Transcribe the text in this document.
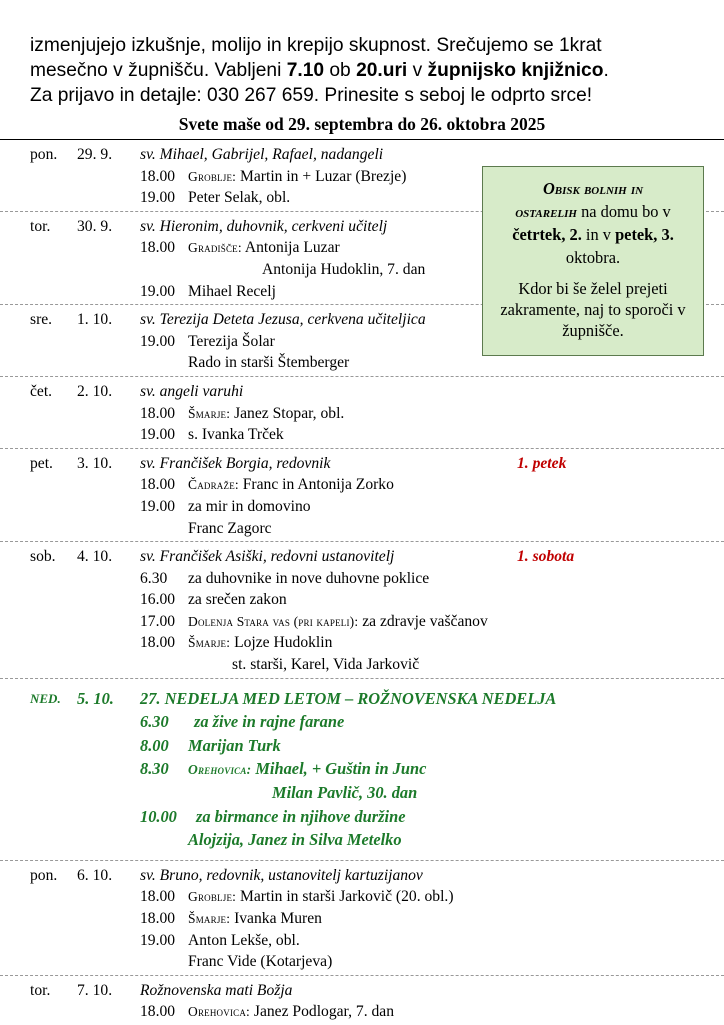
izmenjujejo izkušnje, molijo in krepijo skupnost. Srečujemo se 1krat
mesečno v župnišču. Vabljeni 7.10 ob 20.uri v župnijsko knjižnico.
Za prijavo in detajle: 030 267 659. Prinesite s seboj le odprto srce!
Svete maše od 29. septembra do 26. oktobra 2025
pon. 29. 9. sv. Mihael, Gabrijel, Rafael, nadangeli
18.00 Groblje: Martin in + Luzar (Brezje)
19.00 Peter Selak, obl.
tor. 30. 9. sv. Hieronim, duhovnik, cerkveni učitelj
18.00 Gradišče: Antonija Luzar
Antonija Hudoklin, 7. dan
19.00 Mihael Recelj
sre. 1. 10. sv. Terezija Deteta Jezusa, cerkvena učiteljica
19.00 Terezija Šolar
Rado in starši Štemberger
čet. 2. 10. sv. angeli varuhi
18.00 Šmarje: Janez Stopar, obl.
19.00 s. Ivanka Trček
pet. 3. 10. sv. Frančišek Borgia, redovnik	1. petek
18.00 Čadraže: Franc in Antonija Zorko
19.00 za mir in domovino
Franc Zagorc
sob. 4. 10. sv. Frančišek Asiški, redovni ustanovitelj	1. sobota
6.30 za duhovnike in nove duhovne poklice
16.00 za srečen zakon
17.00 Dolenja Stara vas (pri kapeli): za zdravje vaščanov
18.00 Šmarje: Lojze Hudoklin
st. starši, Karel, Vida Jarkovič
NED. 5. 10. 27. NEDELJA MED LETOM – ROŽNOVENSKA NEDELJA
6.30 za žive in rajne farane
8.00 Marijan Turk
8.30 Orehovica: Mihael, + Guštin in Junc
Milan Pavlič, 30. dan
10.00 za birmance in njihove duržine
Alojzija, Janez in Silva Metelko
pon. 6. 10. sv. Bruno, redovnik, ustanovitelj kartuzijanov
18.00 Groblje: Martin in starši Jarkovič (20. obl.)
18.00 Šmarje: Ivanka Muren
19.00 Anton Lekše, obl.
Franc Vide (Kotarjeva)
tor. 7. 10. Rožnovenska mati Božja
18.00 Orehovica: Janez Podlogar, 7. dan

Obisk bolnih in
ostarelih na domu bo v četrtek, 2. in v petek, 3. oktobra.

Kdor bi še želel prejeti zakramente, naj to sporoči v župnišče.
